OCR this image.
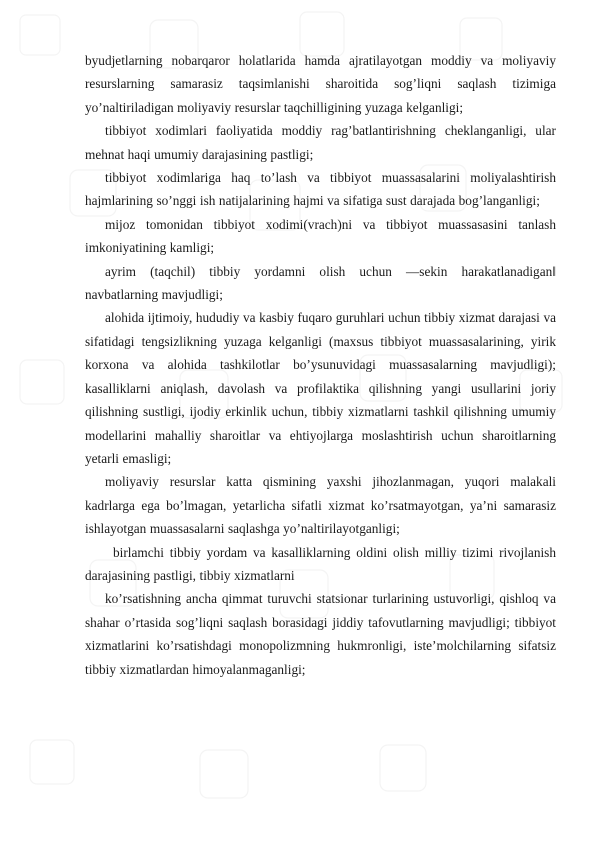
byudjetlarning nobarqaror holatlarida hamda ajratilayotgan moddiy va moliyaviy resurslarning samarasiz taqsimlanishi sharoitida sog’liqni saqlash tizimiga yo’naltiriladigan moliyaviy resurslar taqchilligining yuzaga kelganligi;

tibbiyot xodimlari faoliyatida moddiy rag’batlantirishning cheklanganligi, ular mehnat haqi umumiy darajasining pastligi;

tibbiyot xodimlariga haq to’lash va tibbiyot muassasalarini moliyalashtirish hajmlarining so’nggi ish natijalarining hajmi va sifatiga sust darajada bog’langanligi;

mijoz tomonidan tibbiyot xodimi(vrach)ni va tibbiyot muassasasini tanlash imkoniyatining kamligi;

ayrim (taqchil) tibbiy yordamni olish uchun ―sekin harakatlanadigan‖ navbatlarning mavjudligi;

alohida ijtimoiy, hududiy va kasbiy fuqaro guruhlari uchun tibbiy xizmat darajasi va sifatidagi tengsizlikning yuzaga kelganligi (maxsus tibbiyot muassasalarining, yirik korxona va alohida tashkilotlar bo’ysunuvidagi muassasalarning mavjudligi); kasalliklarni aniqlash, davolash va profilaktika qilishning yangi usullarini joriy qilishning sustligi, ijodiy erkinlik uchun, tibbiy xizmatlarni tashkil qilishning umumiy modellarini mahalliy sharoitlar va ehtiyojlarga moslashtirish uchun sharoitlarning yetarli emasligi;

moliyaviy resurslar katta qismining yaxshi jihozlanmagan, yuqori malakali kadrlarga ega bo’lmagan, yetarlicha sifatli xizmat ko’rsatmayotgan, ya’ni samarasiz ishlayotgan muassasalarni saqlashga yo’naltirilayotganligi;

birlamchi tibbiy yordam va kasalliklarning oldini olish milliy tizimi rivojlanish darajasining pastligi, tibbiy xizmatlarni

ko’rsatishning ancha qimmat turuvchi statsionar turlarining ustuvorligi, qishloq va shahar o’rtasida sog’liqni saqlash borasidagi jiddiy tafovutlarning mavjudligi; tibbiyot xizmatlarini ko’rsatishdagi monopolizmning hukmronligi, iste’molchilarning sifatsiz tibbiy xizmatlardan himoyalanmaganligi;
